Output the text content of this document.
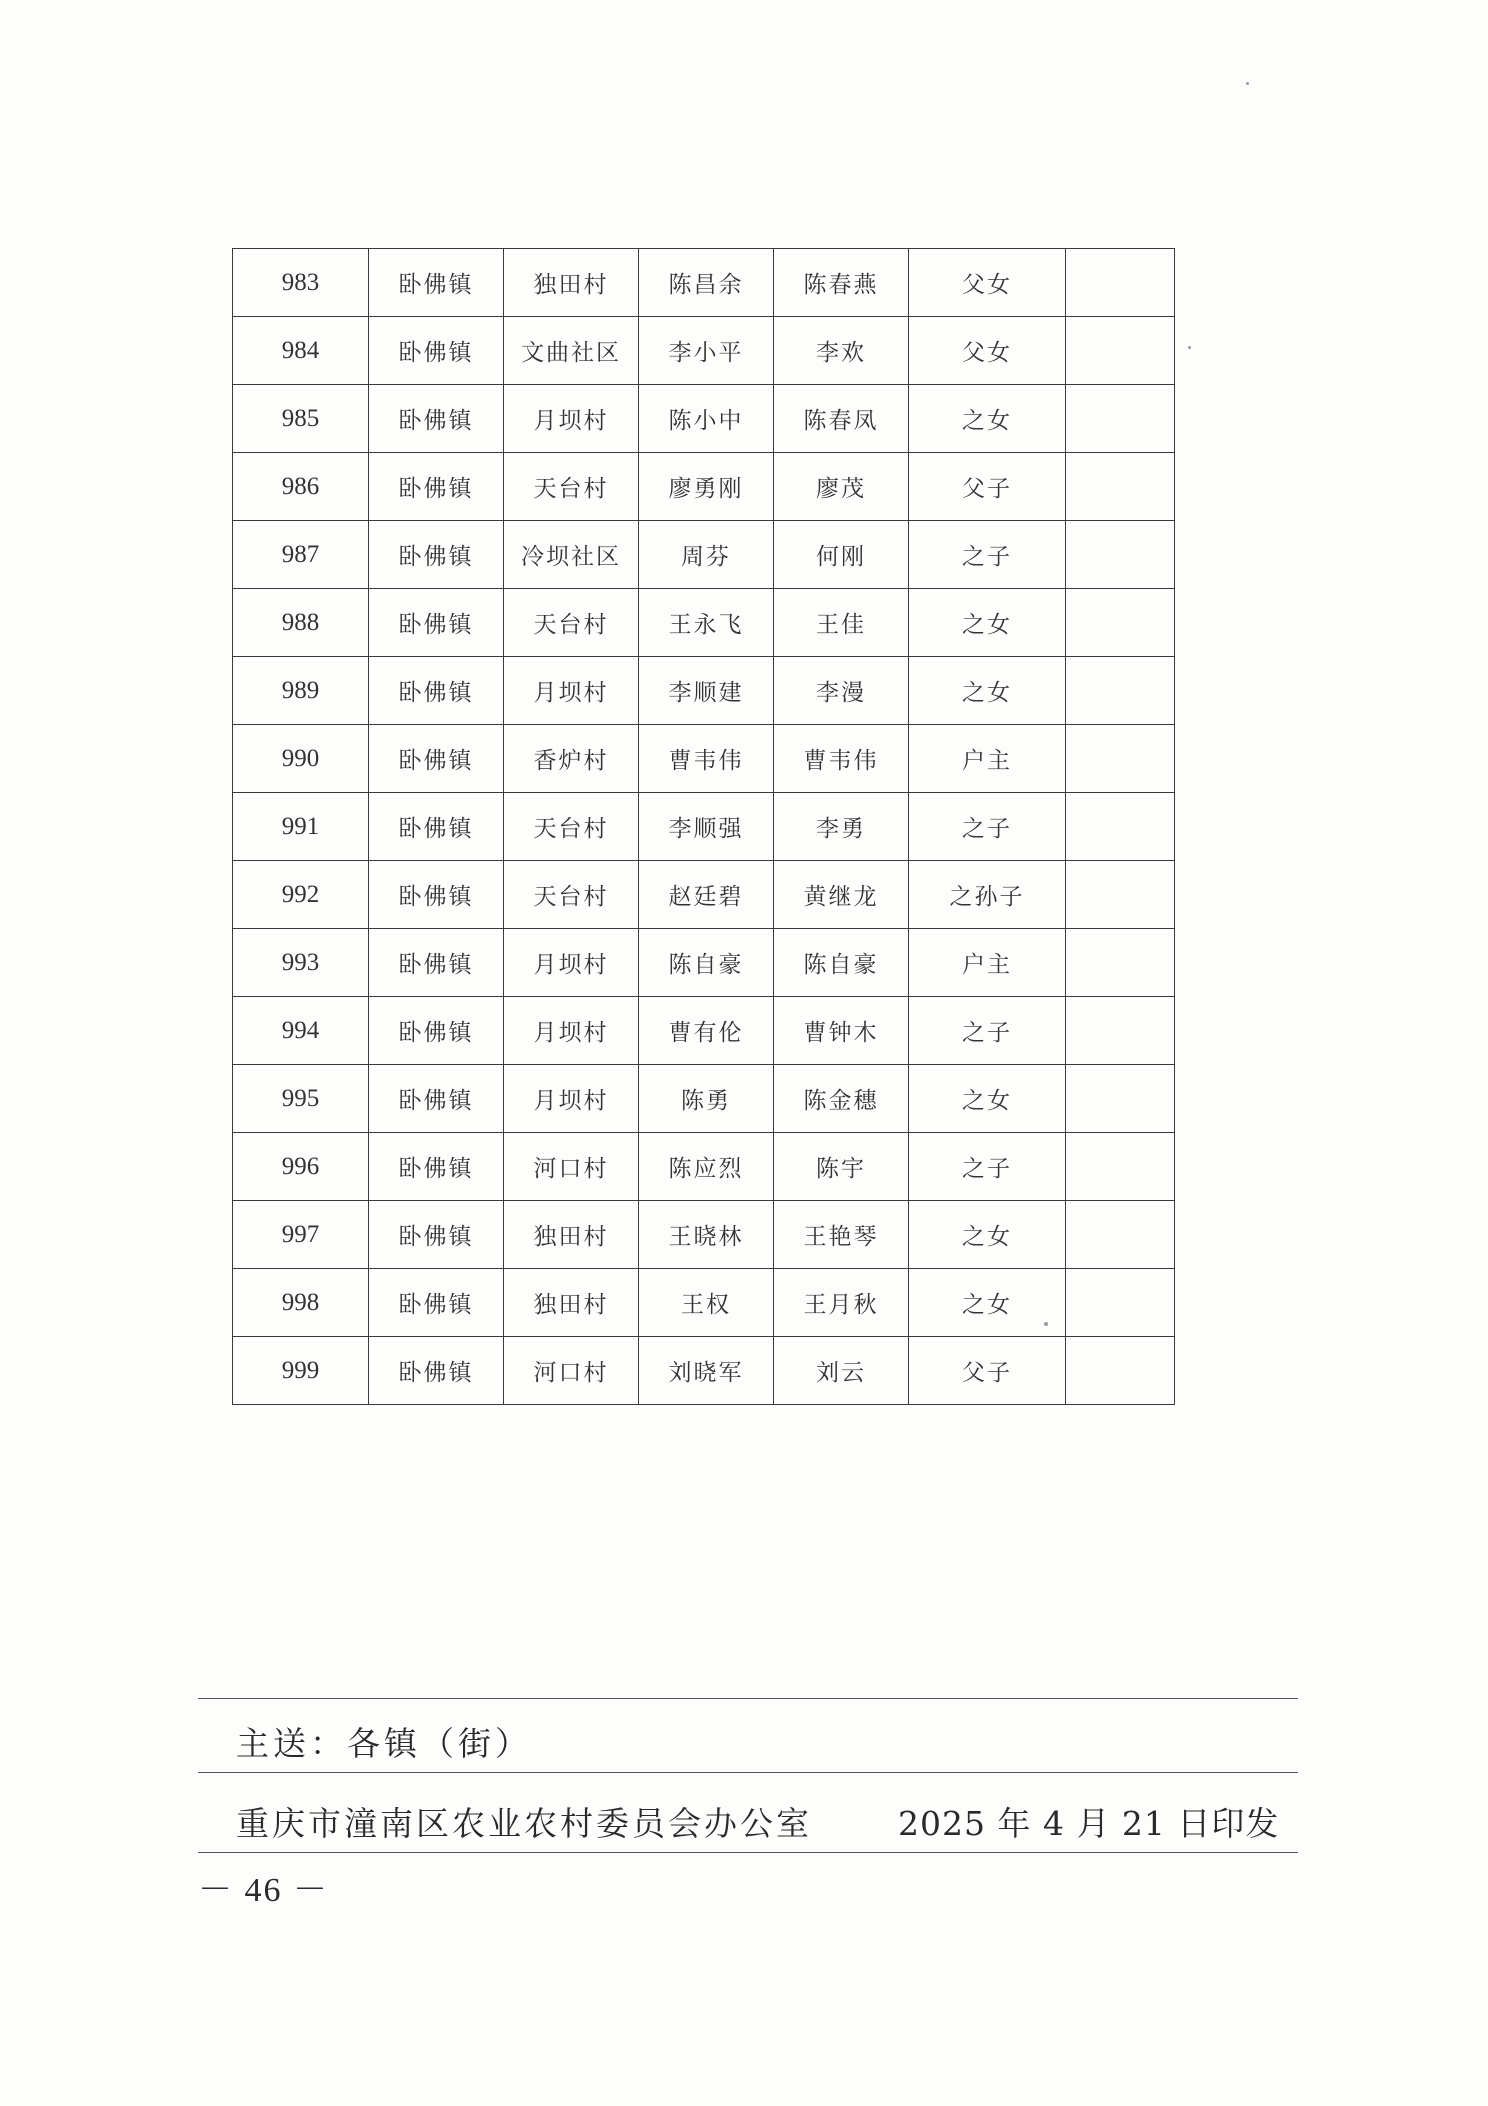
983	卧佛镇	独田村	陈昌余	陈春燕	父女	
984	卧佛镇	文曲社区	李小平	李欢	父女	
985	卧佛镇	月坝村	陈小中	陈春凤	之女	
986	卧佛镇	天台村	廖勇刚	廖茂	父子	
987	卧佛镇	冷坝社区	周芬	何刚	之子	
988	卧佛镇	天台村	王永飞	王佳	之女	
989	卧佛镇	月坝村	李顺建	李漫	之女	
990	卧佛镇	香炉村	曹韦伟	曹韦伟	户主	
991	卧佛镇	天台村	李顺强	李勇	之子	
992	卧佛镇	天台村	赵廷碧	黄继龙	之孙子	
993	卧佛镇	月坝村	陈自豪	陈自豪	户主	
994	卧佛镇	月坝村	曹有伦	曹钟木	之子	
995	卧佛镇	月坝村	陈勇	陈金穗	之女	
996	卧佛镇	河口村	陈应烈	陈宇	之子	
997	卧佛镇	独田村	王晓林	王艳琴	之女	
998	卧佛镇	独田村	王权	王月秋	之女	
999	卧佛镇	河口村	刘晓军	刘云	父子	
主送：各镇（街）
重庆市潼南区农业农村委员会办公室	2025 年 4 月 21 日印发
－ 46 －
